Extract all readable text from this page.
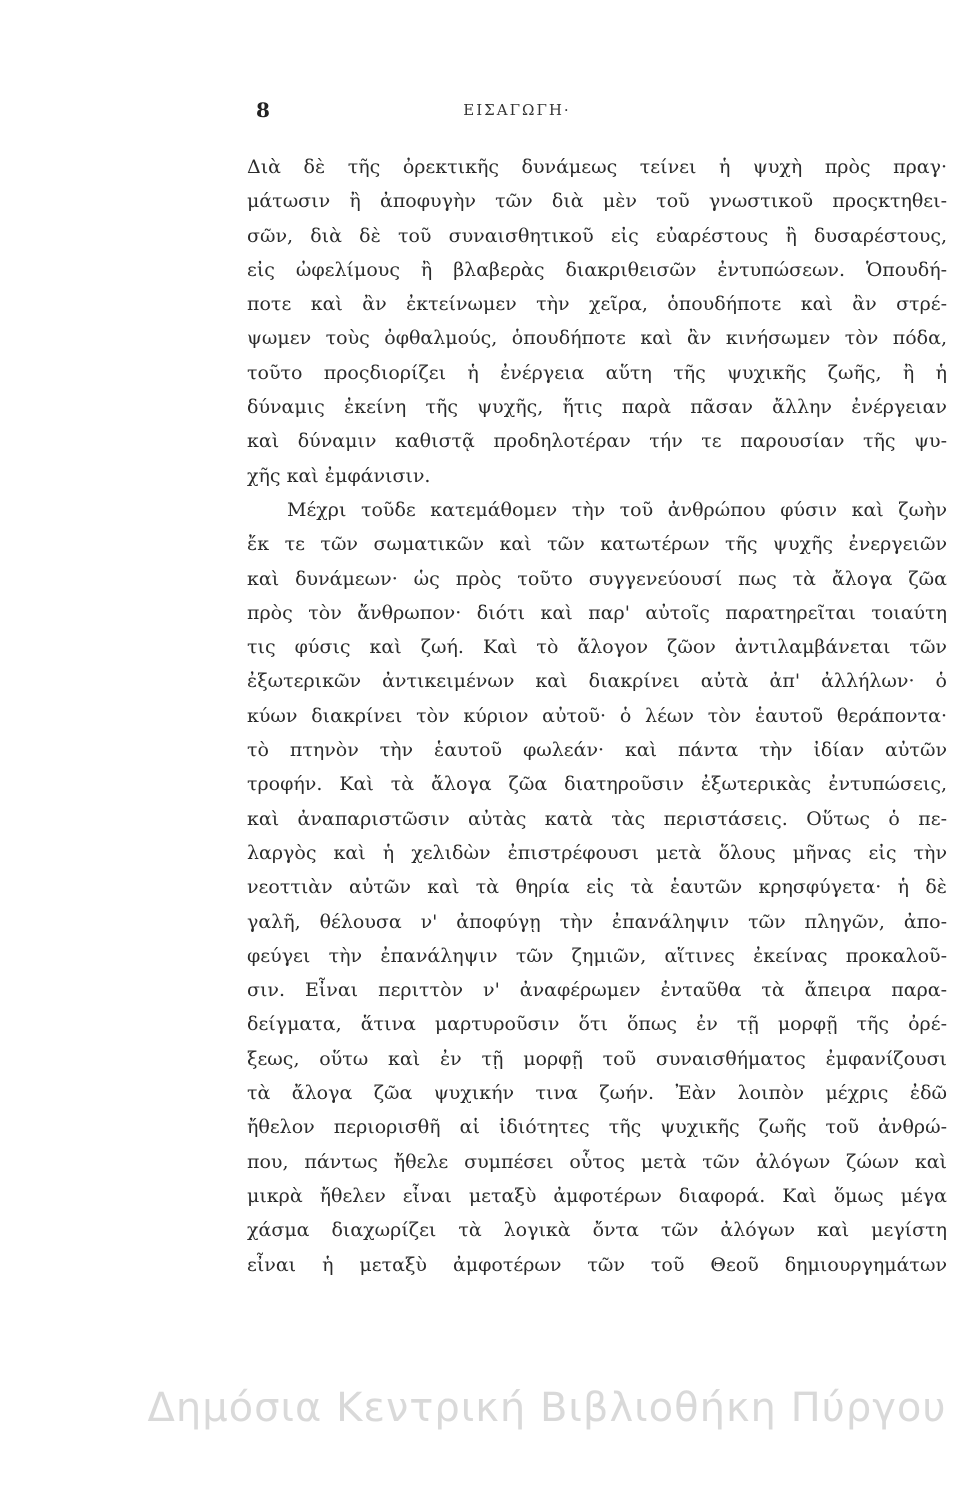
8	ΕΙΣΑΓΩΓΗ·
Διὰ δὲ τῆς ὀρεκτικῆς δυνάμεως τείνει ἡ ψυχὴ πρὸς πραγ·
μάτωσιν ἢ ἀποφυγὴν τῶν διὰ μὲν τοῦ γνωστικοῦ προςκτηθει-
σῶν, διὰ δὲ τοῦ συναισθητικοῦ εἰς εὐαρέστους ἢ δυσαρέστους,
εἰς ὠφελίμους ἢ βλαβερὰς διακριθεισῶν ἐντυπώσεων. Ὁπουδή-
ποτε καὶ ἂν ἐκτείνωμεν τὴν χεῖρα, ὁπουδήποτε καὶ ἂν στρέ-
ψωμεν τοὺς ὀφθαλμούς, ὁπουδήποτε καὶ ἂν κινήσωμεν τὸν πόδα,
τοῦτο προςδιορίζει ἡ ἐνέργεια αὕτη τῆς ψυχικῆς ζωῆς, ἢ ἡ
δύναμις ἐκείνη τῆς ψυχῆς, ἥτις παρὰ πᾶσαν ἄλλην ἐνέργειαν
καὶ δύναμιν καθιστᾷ προδηλοτέραν τήν τε παρουσίαν τῆς ψυ-
χῆς καὶ ἐμφάνισιν.
Μέχρι τοῦδε κατεμάθομεν τὴν τοῦ ἀνθρώπου φύσιν καὶ ζωὴν
ἔκ τε τῶν σωματικῶν καὶ τῶν κατωτέρων τῆς ψυχῆς ἐνεργειῶν
καὶ δυνάμεων· ὡς πρὸς τοῦτο συγγενεύουσί πως τὰ ἄλογα ζῶα
πρὸς τὸν ἄνθρωπον· διότι καὶ παρ' αὐτοῖς παρατηρεῖται τοιαύτη
τις φύσις καὶ ζωή. Καὶ τὸ ἄλογον ζῶον ἀντιλαμβάνεται τῶν
ἐξωτερικῶν ἀντικειμένων καὶ διακρίνει αὐτὰ ἀπ' ἀλλήλων· ὁ
κύων διακρίνει τὸν κύριον αὐτοῦ· ὁ λέων τὸν ἑαυτοῦ θεράποντα·
τὸ πτηνὸν τὴν ἑαυτοῦ φωλεάν· καὶ πάντα τὴν ἰδίαν αὐτῶν
τροφήν. Καὶ τὰ ἄλογα ζῶα διατηροῦσιν ἐξωτερικὰς ἐντυπώσεις,
καὶ ἀναπαριστῶσιν αὐτὰς κατὰ τὰς περιστάσεις. Οὕτως ὁ πε-
λαργὸς καὶ ἡ χελιδὼν ἐπιστρέφουσι μετὰ ὅλους μῆνας εἰς τὴν
νεοττιὰν αὐτῶν καὶ τὰ θηρία εἰς τὰ ἑαυτῶν κρησφύγετα· ἡ δὲ
γαλῆ, θέλουσα ν' ἀποφύγῃ τὴν ἐπανάληψιν τῶν πληγῶν, ἀπο-
φεύγει τὴν ἐπανάληψιν τῶν ζημιῶν, αἵτινες ἐκείνας προκαλοῦ-
σιν. Εἶναι περιττὸν ν' ἀναφέρωμεν ἐνταῦθα τὰ ἄπειρα παρα-
δείγματα, ἅτινα μαρτυροῦσιν ὅτι ὅπως ἐν τῇ μορφῇ τῆς ὀρέ-
ξεως, οὕτω καὶ ἐν τῇ μορφῇ τοῦ συναισθήματος ἐμφανίζουσι
τὰ ἄλογα ζῶα ψυχικήν τινα ζωήν. Ἐὰν λοιπὸν μέχρις ἐδῶ
ἤθελον περιορισθῆ αἱ ἰδιότητες τῆς ψυχικῆς ζωῆς τοῦ ἀνθρώ-
που, πάντως ἤθελε συμπέσει οὗτος μετὰ τῶν ἀλόγων ζώων καὶ
μικρὰ ἤθελεν εἶναι μεταξὺ ἀμφοτέρων διαφορά. Καὶ ὅμως μέγα
χάσμα διαχωρίζει τὰ λογικὰ ὄντα τῶν ἀλόγων καὶ μεγίστη
εἶναι ἡ μεταξὺ ἀμφοτέρων τῶν τοῦ Θεοῦ δημιουργημάτων
Δημόσια Κεντρική Βιβλιοθήκη Πύργου
